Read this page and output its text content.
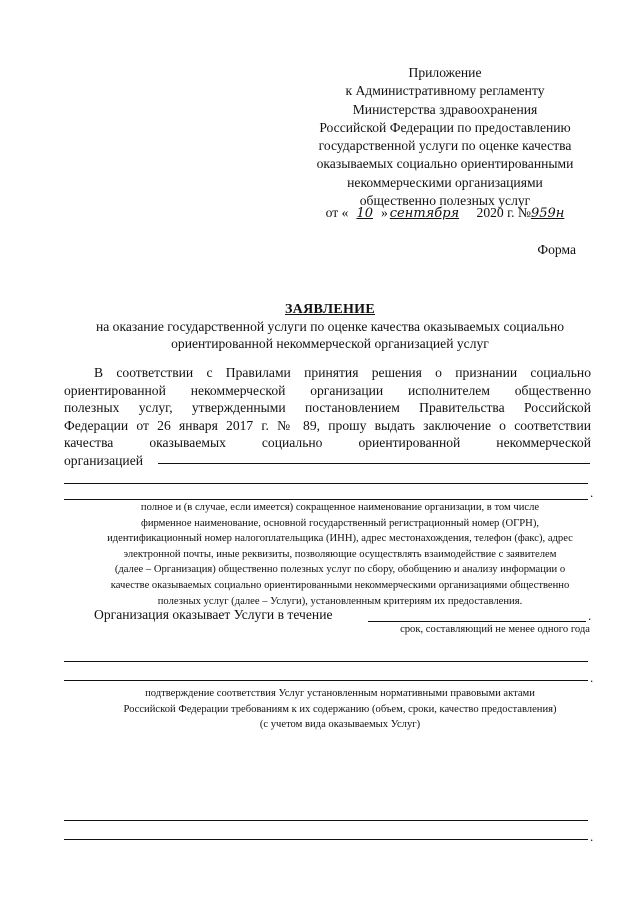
Приложение
к Административному регламенту
Министерства здравоохранения
Российской Федерации по предоставлению
государственной услуги по оценке качества
оказываемых социально ориентированными
некоммерческими организациями
общественно полезных услуг
от « 10 » сентября 2020 г. №959н
Форма
ЗАЯВЛЕНИЕ
на оказание государственной услуги по оценке качества оказываемых социально
ориентированной некоммерческой организацией услуг
В соответствии с Правилами принятия решения о признании социально
ориентированной некоммерческой организации исполнителем общественно
полезных услуг, утвержденными постановлением Правительства Российской
Федерации от 26 января 2017 г. № 89, прошу выдать заключение о соответствии
качества оказываемых социально ориентированной некоммерческой
организацией
.
полное и (в случае, если имеется) сокращенное наименование организации, в том числе
фирменное наименование, основной государственный регистрационный номер (ОГРН),
идентификационный номер налогоплательщика (ИНН), адрес местонахождения, телефон (факс), адрес
электронной почты, иные реквизиты, позволяющие осуществлять взаимодействие с заявителем
(далее – Организация) общественно полезных услуг по сбору, обобщению и анализу информации о
качестве оказываемых социально ориентированными некоммерческими организациями общественно
полезных услуг (далее – Услуги), установленным критериям их предоставления.
Организация оказывает Услуги в течение	.
срок, составляющий не менее одного года
.
подтверждение соответствия Услуг установленным нормативными правовыми актами
Российской Федерации требованиям к их содержанию (объем, сроки, качество предоставления)
(с учетом вида оказываемых Услуг)
.
